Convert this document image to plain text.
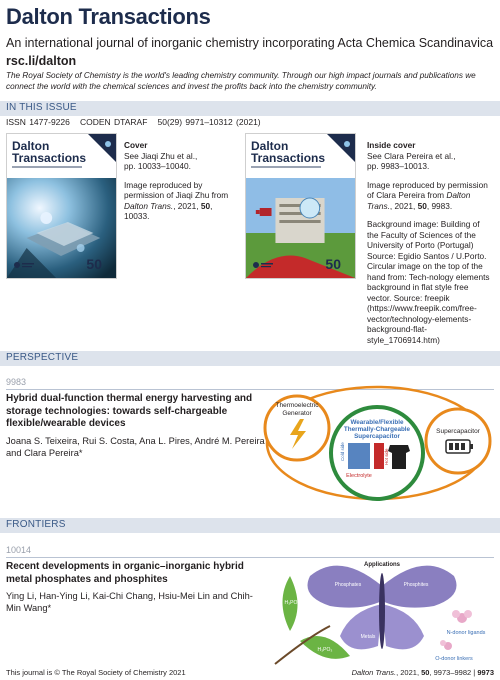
Dalton Transactions
An international journal of inorganic chemistry incorporating Acta Chemica Scandinavica
rsc.li/dalton
The Royal Society of Chemistry is the world's leading chemistry community. Through our high impact journals and publications we connect the world with the chemical sciences and invest the profits back into the chemistry community.
IN THIS ISSUE
ISSN 1477-9226 CODEN DTARAF 50(29) 9971–10312 (2021)
Dalton
Transactions
50
Cover
See Jiaqi Zhu et al.,
pp. 10033–10040.

Image reproduced by permission of Jiaqi Zhu from Dalton Trans., 2021, 50, 10033.
Dalton
Transactions
50
Inside cover
See Clara Pereira et al.,
pp. 9983–10013.

Image reproduced by permission of Clara Pereira from Dalton Trans., 2021, 50, 9983.

Background image: Building of the Faculty of Sciences of the University of Porto (Portugal) Source: Egidio Santos / U.Porto. Circular image on the top of the hand from: Tech-nology elements background in flat style free vector. Source: freepik (https://www.freepik.com/free-vector/technology-elements-background-flat-style_1706914.htm)
PERSPECTIVE
9983
Hybrid dual-function thermal energy harvesting and storage technologies: towards self-chargeable flexible/wearable devices
Joana S. Teixeira, Rui S. Costa, Ana L. Pires, André M. Pereira and Clara Pereira*
Thermoelectric
Generator
Wearable/Flexible
Thermally-Chargeable
Supercapacitor
Electrolyte
Cold side	Hot side
Supercapacitor
FRONTIERS
10014
Recent developments in organic–inorganic hybrid metal phosphates and phosphites
Ying Li, Han-Ying Li, Kai-Chi Chang, Hsiu-Mei Lin and Chih-Min Wang*
Applications
Phosphates	Phosphites
Metals
H₃PO₄
H₃PO₃
N-donor ligands
O-donor linkers
This journal is © The Royal Society of Chemistry 2021	Dalton Trans., 2021, 50, 9973–9982 | 9973
